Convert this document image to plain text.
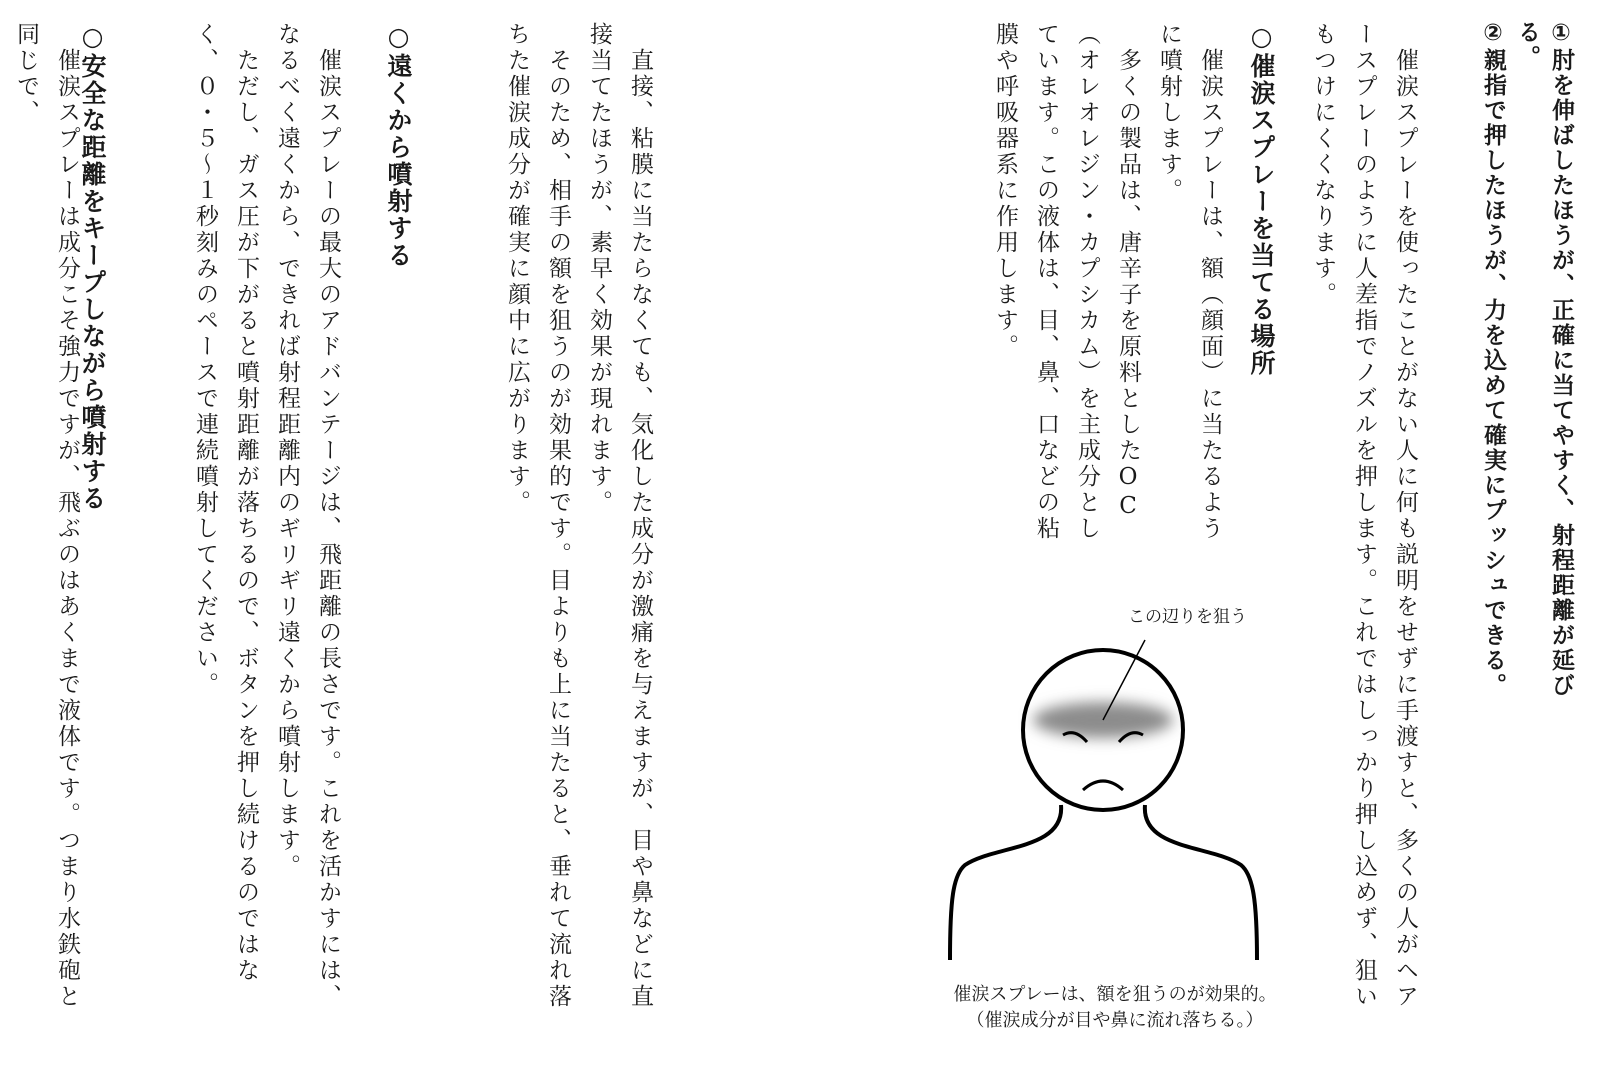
①肘を伸ばしたほうが、正確に当てやすく、射程距離が延びる。
②親指で押したほうが、力を込めて確実にプッシュできる。
　催涙スプレーを使ったことがない人に何も説明をせずに手渡すと、多くの人がヘアースプレーのように人差指でノズルを押します。これではしっかり押し込めず、狙いもつけにくくなります。
○催涙スプレーを当てる場所
　催涙スプレーは、額（顔面）に当たるように噴射します。
　多くの製品は、唐辛子を原料としたOC（オレオレジン・カプシカム）を主成分としています。この液体は、目、鼻、口などの粘膜や呼吸器系に作用します。
この辺りを狙う
催涙スプレーは、額を狙うのが効果的。
（催涙成分が目や鼻に流れ落ちる。）
　直接、粘膜に当たらなくても、気化した成分が激痛を与えますが、目や鼻などに直接当てたほうが、素早く効果が現れます。
　そのため、相手の額を狙うのが効果的です。目よりも上に当たると、垂れて流れ落ちた催涙成分が確実に顔中に広がります。
○遠くから噴射する
　催涙スプレーの最大のアドバンテージは、飛距離の長さです。これを活かすには、なるべく遠くから、できれば射程距離内のギリギリ遠くから噴射します。
　ただし、ガス圧が下がると噴射距離が落ちるので、ボタンを押し続けるのではなく、０・５～１秒刻みのペースで連続噴射してください。
○安全な距離をキープしながら噴射する
　催涙スプレーは成分こそ強力ですが、飛ぶのはあくまで液体です。つまり水鉄砲と同じで、
